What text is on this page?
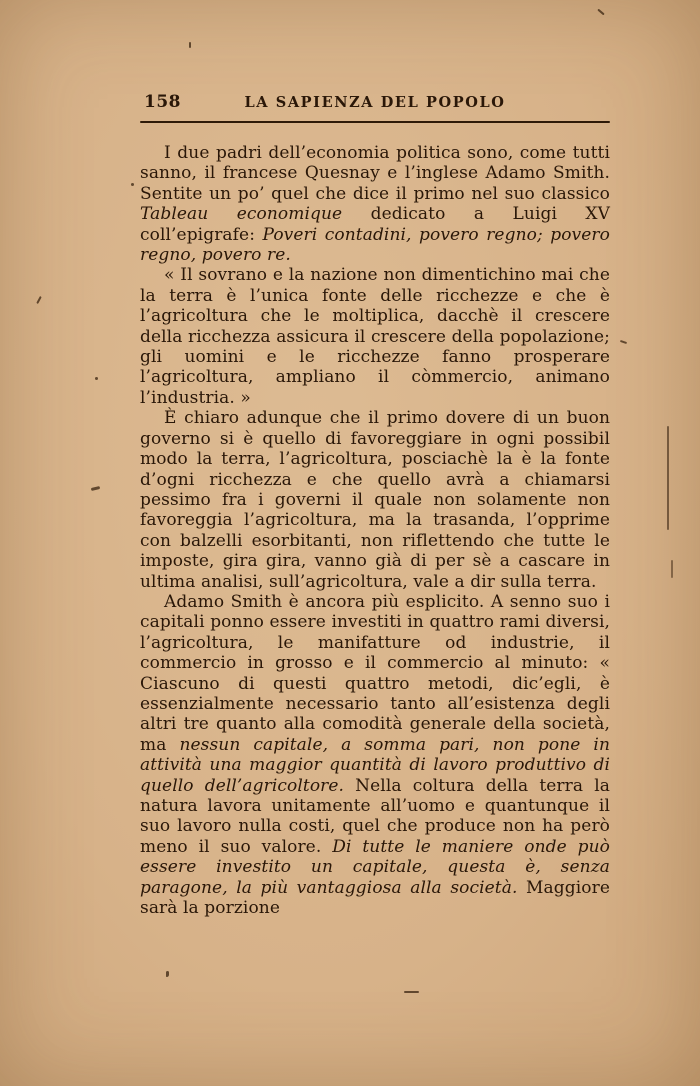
158	LA SAPIENZA DEL POPOLO

I due padri dell’economia politica sono, come tutti sanno, il francese Quesnay e l’inglese Adamo Smith. Sentite un po’ quel che dice il primo nel suo classico Tableau economique dedicato a Luigi XV coll’epigrafe: Poveri contadini, povero regno; povero regno, povero re.

« Il sovrano e la nazione non dimentichino mai che la terra è l’unica fonte delle ricchezze e che è l’agricoltura che le moltiplica, dacchè il crescere della ricchezza assicura il crescere della popolazione; gli uomini e le ricchezze fanno prosperare l’agricoltura, ampliano il còmmercio, animano l’industria. »

È chiaro adunque che il primo dovere di un buon governo si è quello di favoreggiare in ogni possibil modo la terra, l’agricoltura, posciachè la è la fonte d’ogni ricchezza e che quello avrà a chiamarsi pessimo fra i governi il quale non solamente non favoreggia l’agricoltura, ma la trasanda, l’opprime con balzelli esorbitanti, non riflettendo che tutte le imposte, gira gira, vanno già di per sè a cascare in ultima analisi, sull’agricoltura, vale a dir sulla terra.

Adamo Smith è ancora più esplicito. A senno suo i capitali ponno essere investiti in quattro rami diversi, l’agricoltura, le manifatture od industrie, il commercio in grosso e il commercio al minuto: « Ciascuno di questi quattro metodi, dic’egli, è essenzialmente necessario tanto all’esistenza degli altri tre quanto alla comodità generale della società, ma nessun capitale, a somma pari, non pone in attività una maggior quantità di lavoro produttivo di quello dell’agricoltore. Nella coltura della terra la natura lavora unitamente all’uomo e quantunque il suo lavoro nulla costi, quel che produce non ha però meno il suo valore. Di tutte le maniere onde può essere investito un capitale, questa è, senza paragone, la più vantaggiosa alla società. Maggiore sarà la porzione
